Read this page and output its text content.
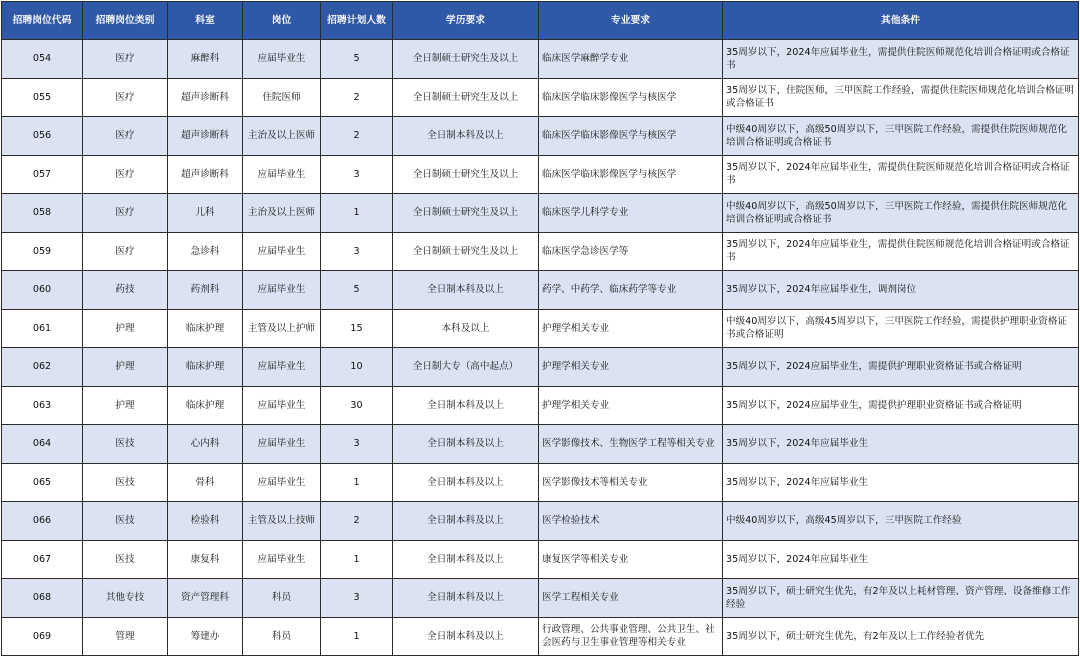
招聘岗位代码	招聘岗位类别	科室	岗位	招聘计划人数	学历要求	专业要求	其他条件
054	医疗	麻醉科	应届毕业生	5	全日制硕士研究生及以上	临床医学麻醉学专业	35周岁以下，2024年应届毕业生，需提供住院医师规范化培训合格证明或合格证书
055	医疗	超声诊断科	住院医师	2	全日制硕士研究生及以上	临床医学临床影像医学与核医学	35周岁以下，住院医师，三甲医院工作经验，需提供住院医师规范化培训合格证明或合格证书
056	医疗	超声诊断科	主治及以上医师	2	全日制本科及以上	临床医学临床影像医学与核医学	中级40周岁以下，高级50周岁以下，三甲医院工作经验，需提供住院医师规范化培训合格证明或合格证书
057	医疗	超声诊断科	应届毕业生	3	全日制硕士研究生及以上	临床医学临床影像医学与核医学	35周岁以下，2024年应届毕业生，需提供住院医师规范化培训合格证明或合格证书
058	医疗	儿科	主治及以上医师	1	全日制硕士研究生及以上	临床医学儿科学专业	中级40周岁以下，高级50周岁以下，三甲医院工作经验，需提供住院医师规范化培训合格证明或合格证书
059	医疗	急诊科	应届毕业生	3	全日制硕士研究生及以上	临床医学急诊医学等	35周岁以下，2024年应届毕业生，需提供住院医师规范化培训合格证明或合格证书
060	药技	药剂科	应届毕业生	5	全日制本科及以上	药学、中药学、临床药学等专业	35周岁以下，2024年应届毕业生，调剂岗位
061	护理	临床护理	主管及以上护师	15	本科及以上	护理学相关专业	中级40周岁以下，高级45周岁以下，三甲医院工作经验，需提供护理职业资格证书或合格证明
062	护理	临床护理	应届毕业生	10	全日制大专（高中起点）	护理学相关专业	35周岁以下，2024应届毕业生，需提供护理职业资格证书或合格证明
063	护理	临床护理	应届毕业生	30	全日制本科及以上	护理学相关专业	35周岁以下，2024应届毕业生，需提供护理职业资格证书或合格证明
064	医技	心内科	应届毕业生	3	全日制本科及以上	医学影像技术、生物医学工程等相关专业	35周岁以下，2024年应届毕业生
065	医技	骨科	应届毕业生	1	全日制本科及以上	医学影像技术等相关专业	35周岁以下，2024年应届毕业生
066	医技	检验科	主管及以上技师	2	全日制本科及以上	医学检验技术	中级40周岁以下，高级45周岁以下，三甲医院工作经验
067	医技	康复科	应届毕业生	1	全日制本科及以上	康复医学等相关专业	35周岁以下，2024年应届毕业生
068	其他专技	资产管理科	科员	3	全日制本科及以上	医学工程相关专业	35周岁以下，硕士研究生优先，有2年及以上耗材管理、资产管理、设备维修工作经验
069	管理	筹建办	科员	1	全日制本科及以上	行政管理、公共事业管理、公共卫生、社会医药与卫生事业管理等相关专业	35周岁以下，硕士研究生优先，有2年及以上工作经验者优先
